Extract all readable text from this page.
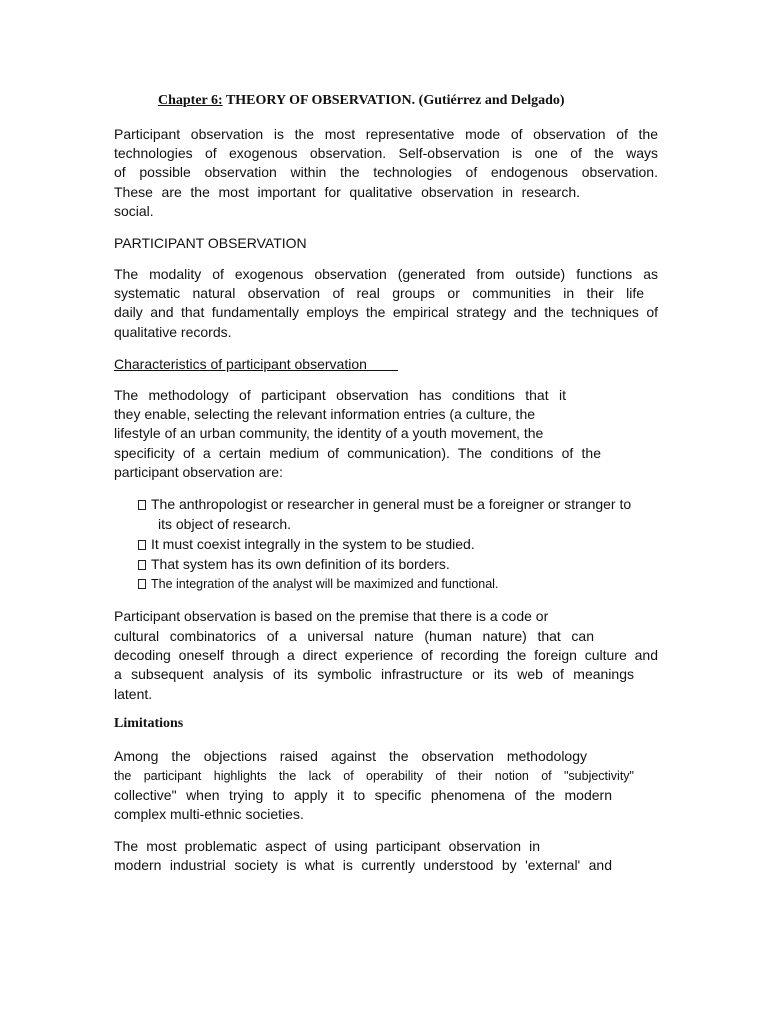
Chapter 6: THEORY OF OBSERVATION. (Gutiérrez and Delgado)

Participant observation is the most representative mode of observation of the

technologies of exogenous observation. Self-observation is one of the ways

of possible observation within the technologies of endogenous observation.

These are the most important for qualitative observation in research.

social.

PARTICIPANT OBSERVATION

The modality of exogenous observation (generated from outside) functions as

systematic natural observation of real groups or communities in their life

daily and that fundamentally employs the empirical strategy and the techniques of

qualitative records.

Characteristics of participant observation

The methodology of participant observation has conditions that it

they enable, selecting the relevant information entries (a culture, the

lifestyle of an urban community, the identity of a youth movement, the

specificity of a certain medium of communication). The conditions of the

participant observation are:

The anthropologist or researcher in general must be a foreigner or stranger to

its object of research.

It must coexist integrally in the system to be studied.

That system has its own definition of its borders.

The integration of the analyst will be maximized and functional.

Participant observation is based on the premise that there is a code or

cultural combinatorics of a universal nature (human nature) that can

decoding oneself through a direct experience of recording the foreign culture and

a subsequent analysis of its symbolic infrastructure or its web of meanings

latent.

Limitations

Among the objections raised against the observation methodology

the participant highlights the lack of operability of their notion of "subjectivity"

collective" when trying to apply it to specific phenomena of the modern

complex multi-ethnic societies.

The most problematic aspect of using participant observation in

modern industrial society is what is currently understood by 'external' and
